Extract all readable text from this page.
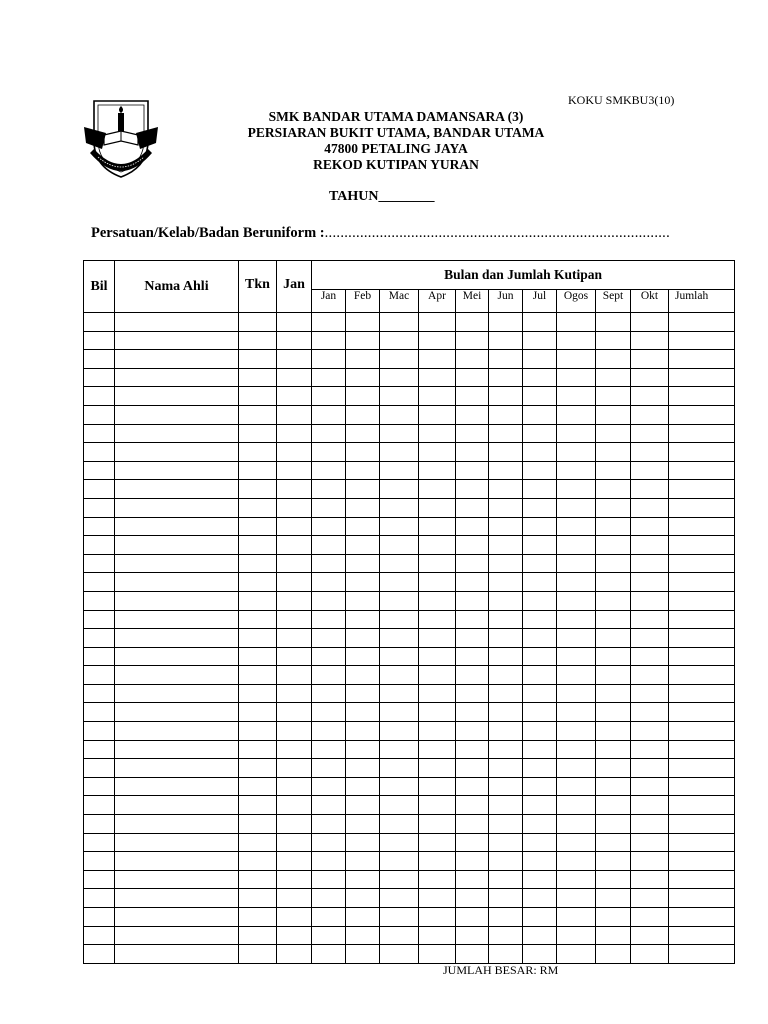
KOKU SMKBU3(10)
SMK BANDAR UTAMA DAMANSARA (3)
PERSIARAN BUKIT UTAMA, BANDAR UTAMA
47800 PETALING JAYA
REKOD KUTIPAN YURAN
TAHUN________
Persatuan/Kelab/Badan Beruniform :........................................................................................
Bil	Nama Ahli	Tkn	Jan	Bulan dan Jumlah Kutipan										
				Jan	Feb	Mac	Apr	Mei	Jun	Jul	Ogos	Sept	Okt	Jumlah

JUMLAH BESAR: RM
